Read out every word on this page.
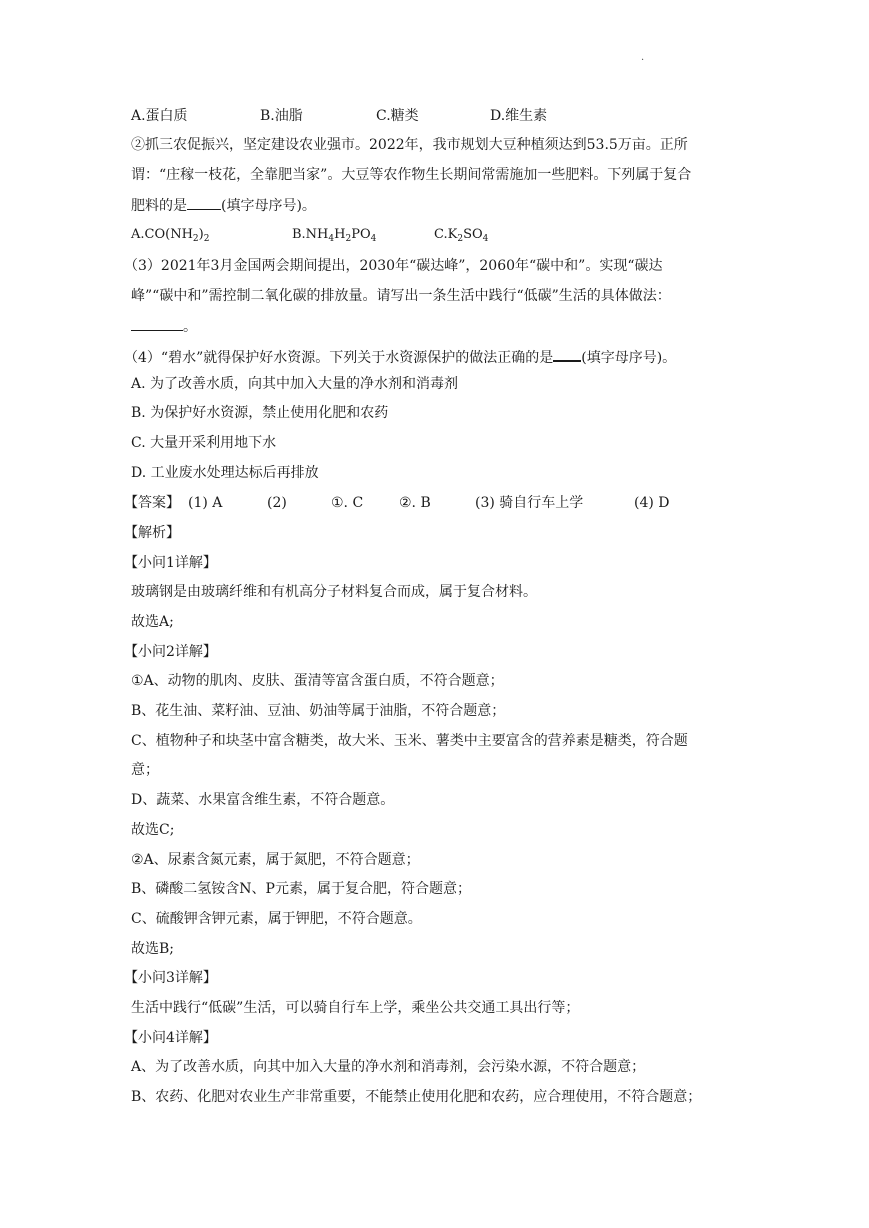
·
A.蛋白质	B.油脂	C.糖类	D.维生素
②抓三农促振兴，坚定建设农业强市。2022年，我市规划大豆种植须达到53.5万亩。正所
谓：“庄稼一枝花，全靠肥当家”。大豆等农作物生长期间常需施加一些肥料。下列属于复合
肥料的是 (填字母序号)。
$A.CO(NH_2)_2$	$B.NH_4H_2PO_4$	$C.K_2SO_4$
（3）2021年3月金国两会期间提出，2030年“碳达峰”，2060年“碳中和”。实现“碳达
峰”“碳中和”需控制二氧化碳的排放量。请写出一条生活中践行“低碳”生活的具体做法：
。
（4）“碧水”就得保护好水资源。下列关于水资源保护的做法正确的是 (填字母序号)。
A. 为了改善水质，向其中加入大量的净水剂和消毒剂
B. 为保护好水资源，禁止使用化肥和农药
C. 大量开采利用地下水
D. 工业废水处理达标后再排放
【答案】 (1) A	(2)	①. C	②. B	(3) 骑自行车上学	(4) D
【解析】
【小问1详解】
玻璃钢是由玻璃纤维和有机高分子材料复合而成，属于复合材料。
故选A;
【小问2详解】
①A、动物的肌肉、皮肤、蛋清等富含蛋白质，不符合题意；
B、花生油、菜籽油、豆油、奶油等属于油脂，不符合题意；
C、植物种子和块茎中富含糖类，故大米、玉米、薯类中主要富含的营养素是糖类，符合题
意；
D、蔬菜、水果富含维生素，不符合题意。
故选C;
②A、尿素含氮元素，属于氮肥，不符合题意；
B、磷酸二氢铵含N、P元素，属于复合肥，符合题意；
C、硫酸钾含钾元素，属于钾肥，不符合题意。
故选B;
【小问3详解】
生活中践行“低碳”生活，可以骑自行车上学，乘坐公共交通工具出行等；
【小问4详解】
A、为了改善水质，向其中加入大量的净水剂和消毒剂，会污染水源，不符合题意；
B、农药、化肥对农业生产非常重要，不能禁止使用化肥和农药，应合理使用，不符合题意；
